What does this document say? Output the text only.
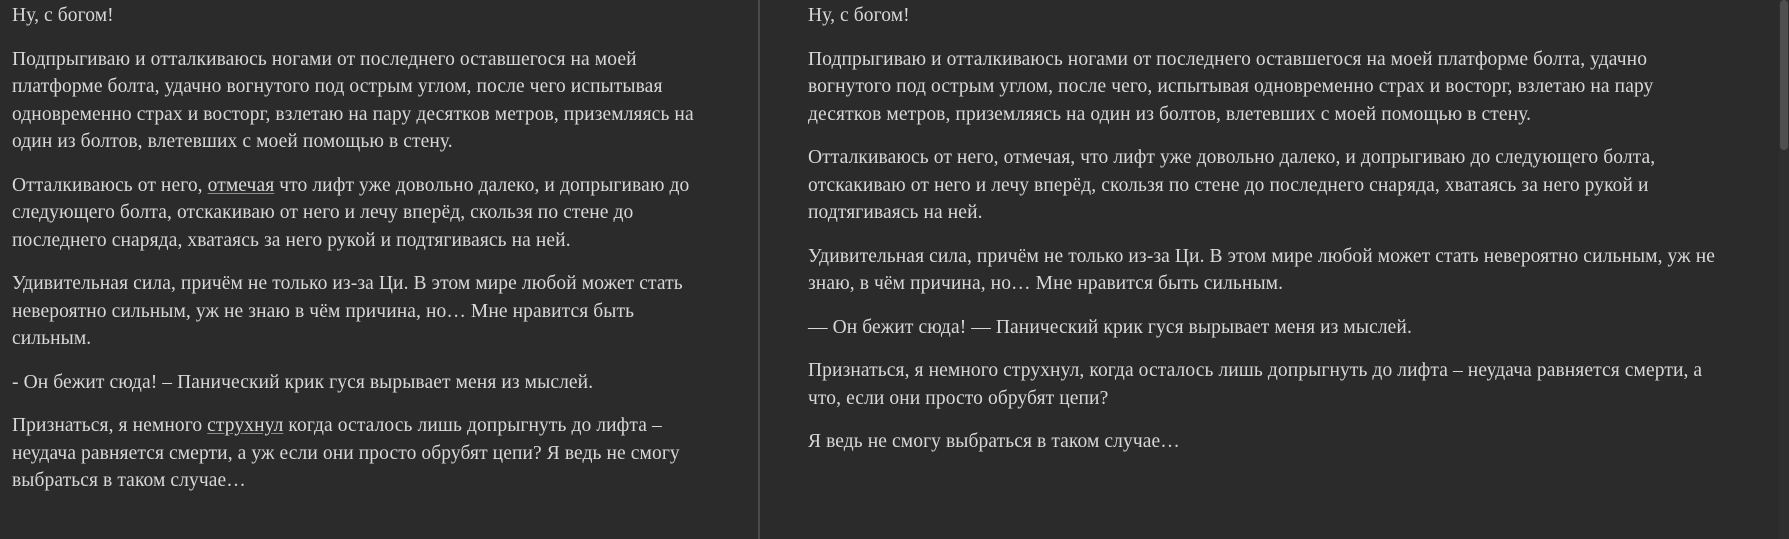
Ну, с богом!

Подпрыгиваю и отталкиваюсь ногами от последнего оставшегося на моей платформе болта, удачно вогнутого под острым углом, после чего испытывая одновременно страх и восторг, взлетаю на пару десятков метров, приземляясь на один из болтов, влетевших с моей помощью в стену.

Отталкиваюсь от него, отмечая что лифт уже довольно далеко, и допрыгиваю до следующего болта, отскакиваю от него и лечу вперёд, скользя по стене до последнего снаряда, хватаясь за него рукой и подтягиваясь на ней.

Удивительная сила, причём не только из-за Ци. В этом мире любой может стать невероятно сильным, уж не знаю в чём причина, но… Мне нравится быть сильным.

- Он бежит сюда! – Панический крик гуся вырывает меня из мыслей.

Признаться, я немного струхнул когда осталось лишь допрыгнуть до лифта – неудача равняется смерти, а уж если они просто обрубят цепи? Я ведь не смогу выбраться в таком случае…

Ну, с богом!

Подпрыгиваю и отталкиваюсь ногами от последнего оставшегося на моей платформе болта, удачно вогнутого под острым углом, после чего, испытывая одновременно страх и восторг, взлетаю на пару десятков метров, приземляясь на один из болтов, влетевших с моей помощью в стену.

Отталкиваюсь от него, отмечая, что лифт уже довольно далеко, и допрыгиваю до следующего болта, отскакиваю от него и лечу вперёд, скользя по стене до последнего снаряда, хватаясь за него рукой и подтягиваясь на ней.

Удивительная сила, причём не только из-за Ци. В этом мире любой может стать невероятно сильным, уж не знаю, в чём причина, но… Мне нравится быть сильным.

— Он бежит сюда! — Панический крик гуся вырывает меня из мыслей.

Признаться, я немного струхнул, когда осталось лишь допрыгнуть до лифта – неудача равняется смерти, а что, если они просто обрубят цепи?

Я ведь не смогу выбраться в таком случае…
